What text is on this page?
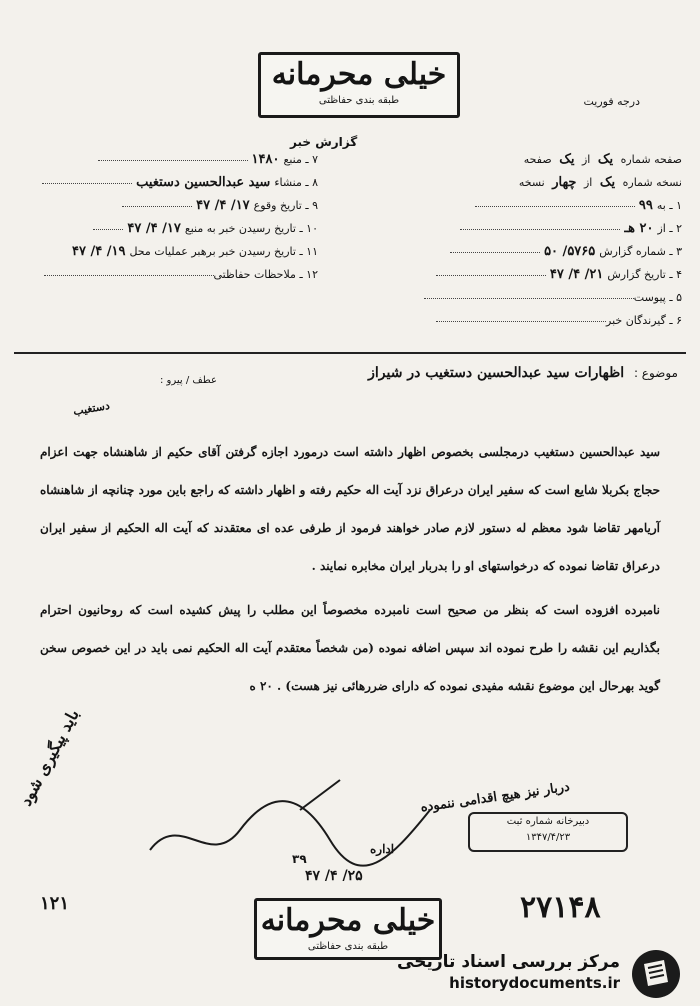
خیلی محرمانه
طبقه بندی حفاظتی	درجه فوریت
گزارش خبر
صفحه شماره یک از یک صفحه
نسخه شماره یک از چهار نسخه
۱ ـ به۹۹
۲ ـ از۲۰ هـ
۳ ـ شماره گزارش۵۷۶۵/ ۵۰
۴ ـ تاریخ گزارش۲۱/ ۴/ ۴۷
۵ ـ پیوست
۶ ـ گیرندگان خبر
۷ ـ منبع۱۴۸۰
۸ ـ منشاءسید عبدالحسین دستغیب
۹ ـ تاریخ وقوع۱۷/ ۴/ ۴۷
۱۰ ـ تاریخ رسیدن خبر به منبع۱۷/ ۴/ ۴۷
۱۱ ـ تاریخ رسیدن خبر برهبر عملیات محل۱۹/ ۴/ ۴۷
۱۲ ـ ملاحظات حفاظتی
موضوع : اظهارات سید عبدالحسین دستغیب در شیراز
عطف / پیرو :
دستغیب

سید عبدالحسین دستغیب درمجلسی بخصوص اظهار داشته است درمورد اجازه گرفتن آقای حکیم از شاهنشاه جهت اعزام حجاج بکربلا شایع است که سفیر ایران درعراق نزد آیت اله حکیم رفته و اظهار داشته که راجع باین مورد چنانچه از شاهنشاه آریامهر تقاضا شود معظم له دستور لازم صادر خواهند فرمود از طرفی عده ای معتقدند که آیت اله الحکیم از سفیر ایران درعراق تقاضا نموده که درخواستهای او را بدربار ایران مخابره نمایند .

نامبرده افزوده است که بنظر من صحیح است نامبرده مخصوصاً این مطلب را پیش کشیده است که روحانیون احترام بگذاریم این نقشه را طرح نموده اند سپس اضافه نموده (من شخصاً معتقدم آیت اله الحکیم نمی باید در این خصوص سخن گوید بهرحال این موضوع نقشه مفیدی نموده که دارای ضررهائی نیز هست) . ۲۰ ه

دربار نیز هیچ اقدامی ننموده
باید پیگیری شود
دبیرخانه شماره ثبت
۱۳۴۷/۴/۲۳
اداره
۳۹
۲۵/ ۴/ ۴۷
۱۲۱	۲۷۱۴۸
خیلی محرمانه
طبقه بندی حفاظتی
مرکز بررسی اسناد تاریخی
historydocuments.ir
